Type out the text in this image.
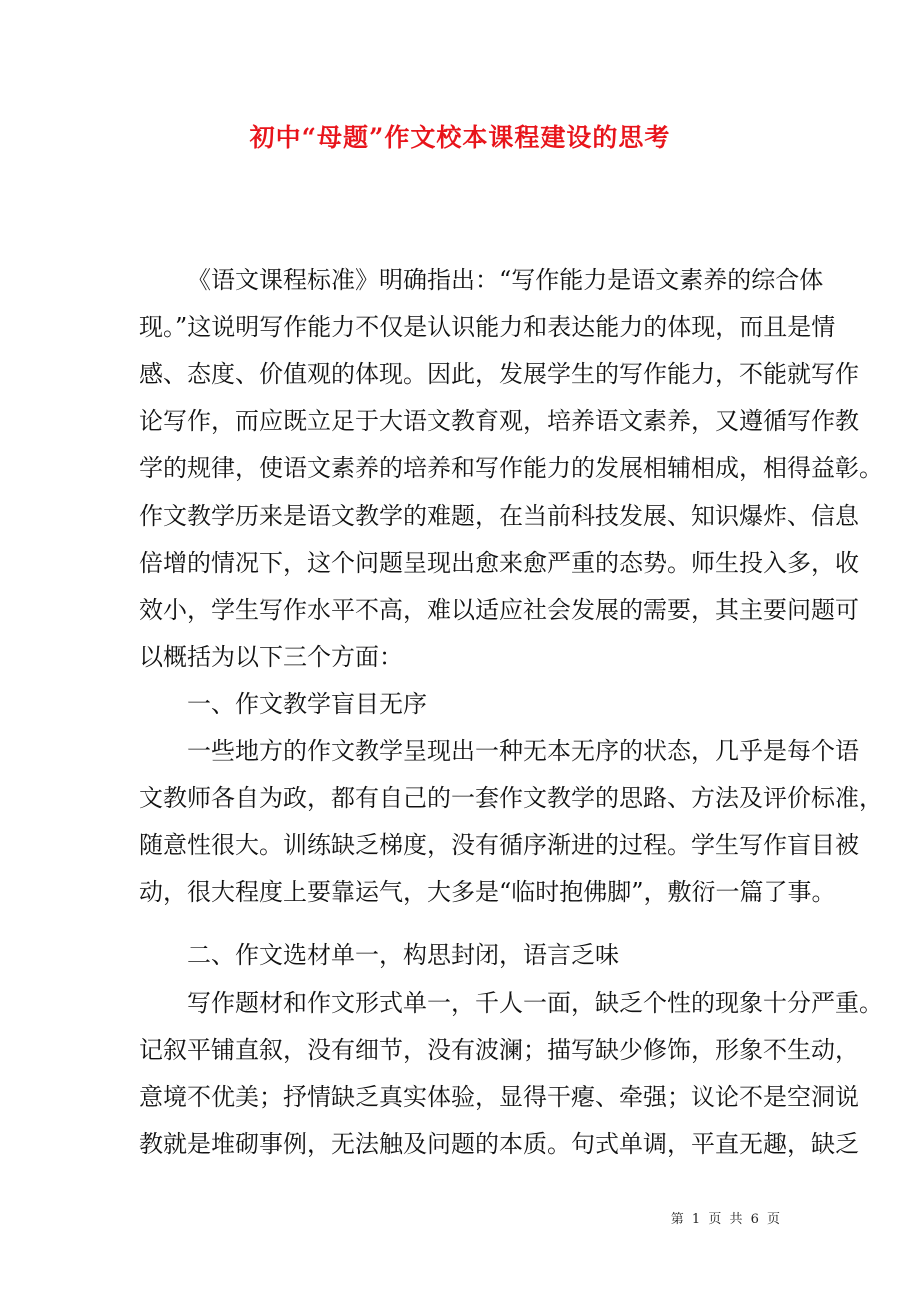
初中“母题”作文校本课程建设的思考
《语文课程标准》明确指出：“写作能力是语文素养的综合体
现。”这说明写作能力不仅是认识能力和表达能力的体现，而且是情
感、态度、价值观的体现。因此，发展学生的写作能力，不能就写作
论写作，而应既立足于大语文教育观，培养语文素养，又遵循写作教
学的规律，使语文素养的培养和写作能力的发展相辅相成，相得益彰。
作文教学历来是语文教学的难题，在当前科技发展、知识爆炸、信息
倍增的情况下，这个问题呈现出愈来愈严重的态势。师生投入多，收
效小，学生写作水平不高，难以适应社会发展的需要，其主要问题可
以概括为以下三个方面：
一、作文教学盲目无序
一些地方的作文教学呈现出一种无本无序的状态，几乎是每个语
文教师各自为政，都有自己的一套作文教学的思路、方法及评价标准，
随意性很大。训练缺乏梯度，没有循序渐进的过程。学生写作盲目被
动，很大程度上要靠运气，大多是“临时抱佛脚”，敷衍一篇了事。
二、作文选材单一，构思封闭，语言乏味
写作题材和作文形式单一，千人一面，缺乏个性的现象十分严重。
记叙平铺直叙，没有细节，没有波澜；描写缺少修饰，形象不生动，
意境不优美；抒情缺乏真实体验，显得干瘪、牵强；议论不是空洞说
教就是堆砌事例，无法触及问题的本质。句式单调，平直无趣，缺乏
第 1 页 共 6 页
